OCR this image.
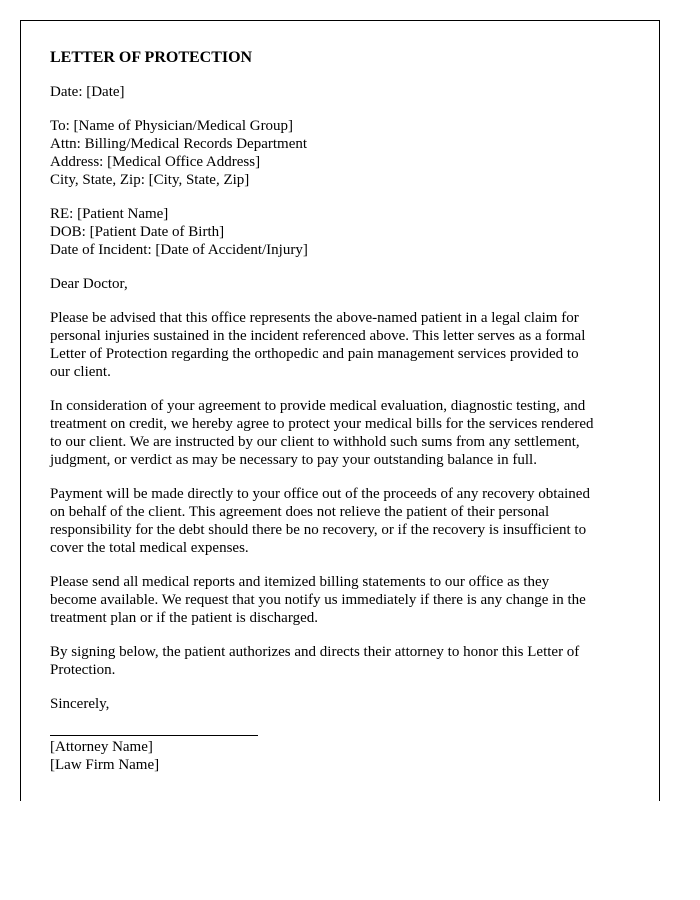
LETTER OF PROTECTION
Date: [Date]
To: [Name of Physician/Medical Group]
Attn: Billing/Medical Records Department
Address: [Medical Office Address]
City, State, Zip: [City, State, Zip]
RE: [Patient Name]
DOB: [Patient Date of Birth]
Date of Incident: [Date of Accident/Injury]
Dear Doctor,
Please be advised that this office represents the above-named patient in a legal claim for
personal injuries sustained in the incident referenced above. This letter serves as a formal
Letter of Protection regarding the orthopedic and pain management services provided to
our client.
In consideration of your agreement to provide medical evaluation, diagnostic testing, and
treatment on credit, we hereby agree to protect your medical bills for the services rendered
to our client. We are instructed by our client to withhold such sums from any settlement,
judgment, or verdict as may be necessary to pay your outstanding balance in full.
Payment will be made directly to your office out of the proceeds of any recovery obtained
on behalf of the client. This agreement does not relieve the patient of their personal
responsibility for the debt should there be no recovery, or if the recovery is insufficient to
cover the total medical expenses.
Please send all medical reports and itemized billing statements to our office as they
become available. We request that you notify us immediately if there is any change in the
treatment plan or if the patient is discharged.
By signing below, the patient authorizes and directs their attorney to honor this Letter of
Protection.
Sincerely,
[Attorney Name]
[Law Firm Name]
